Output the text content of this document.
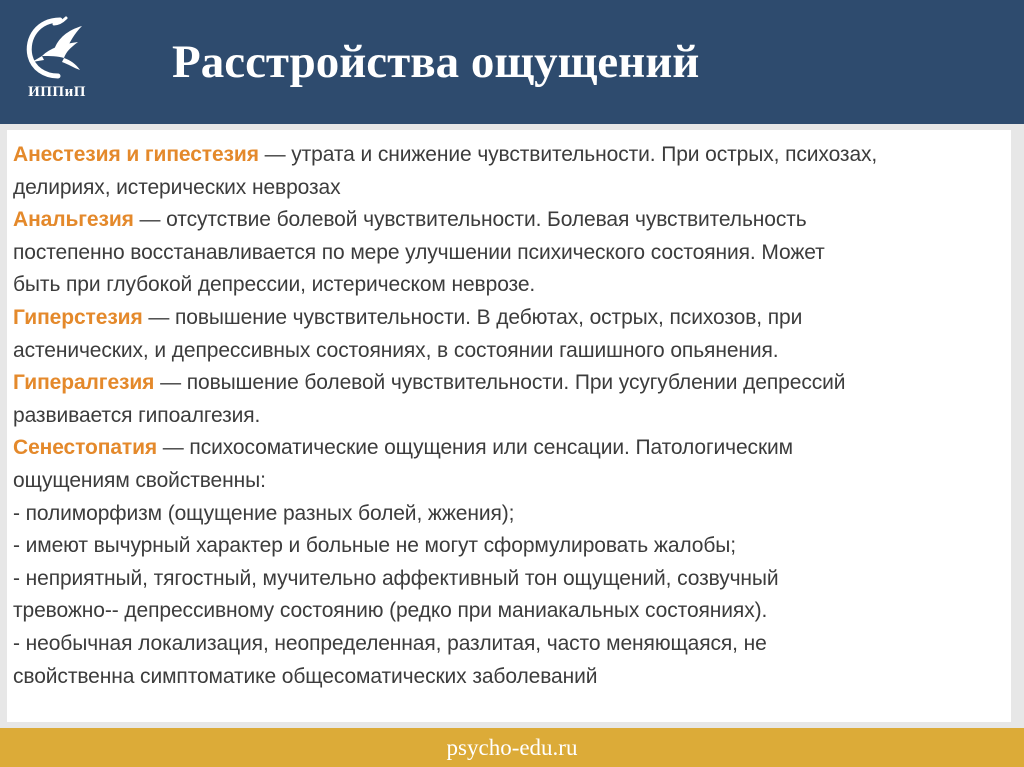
ИППиП
Расстройства ощущений
Анестезия и гипестезия — утрата и снижение чувствительности. При острых, психозах,
делириях, истерических неврозах
Анальгезия — отсутствие болевой чувствительности. Болевая чувствительность
постепенно восстанавливается по мере улучшении психического состояния. Может
быть при глубокой депрессии, истерическом неврозе.
Гиперстезия — повышение чувствительности. В дебютах, острых, психозов, при
астенических, и депрессивных состояниях, в состоянии гашишного опьянения.
Гипералгезия — повышение болевой чувствительности. При усугублении депрессий
развивается гипоалгезия.
Сенестопатия — психосоматические ощущения или сенсации. Патологическим
ощущениям свойственны:
- полиморфизм (ощущение разных болей, жжения);
- имеют вычурный характер и больные не могут сформулировать жалобы;
- неприятный, тягостный, мучительно аффективный тон ощущений, созвучный
тревожно-- депрессивному состоянию (редко при маниакальных состояниях).
- необычная локализация, неопределенная, разлитая, часто меняющаяся, не
свойственна симптоматике общесоматических заболеваний
psycho-edu.ru
